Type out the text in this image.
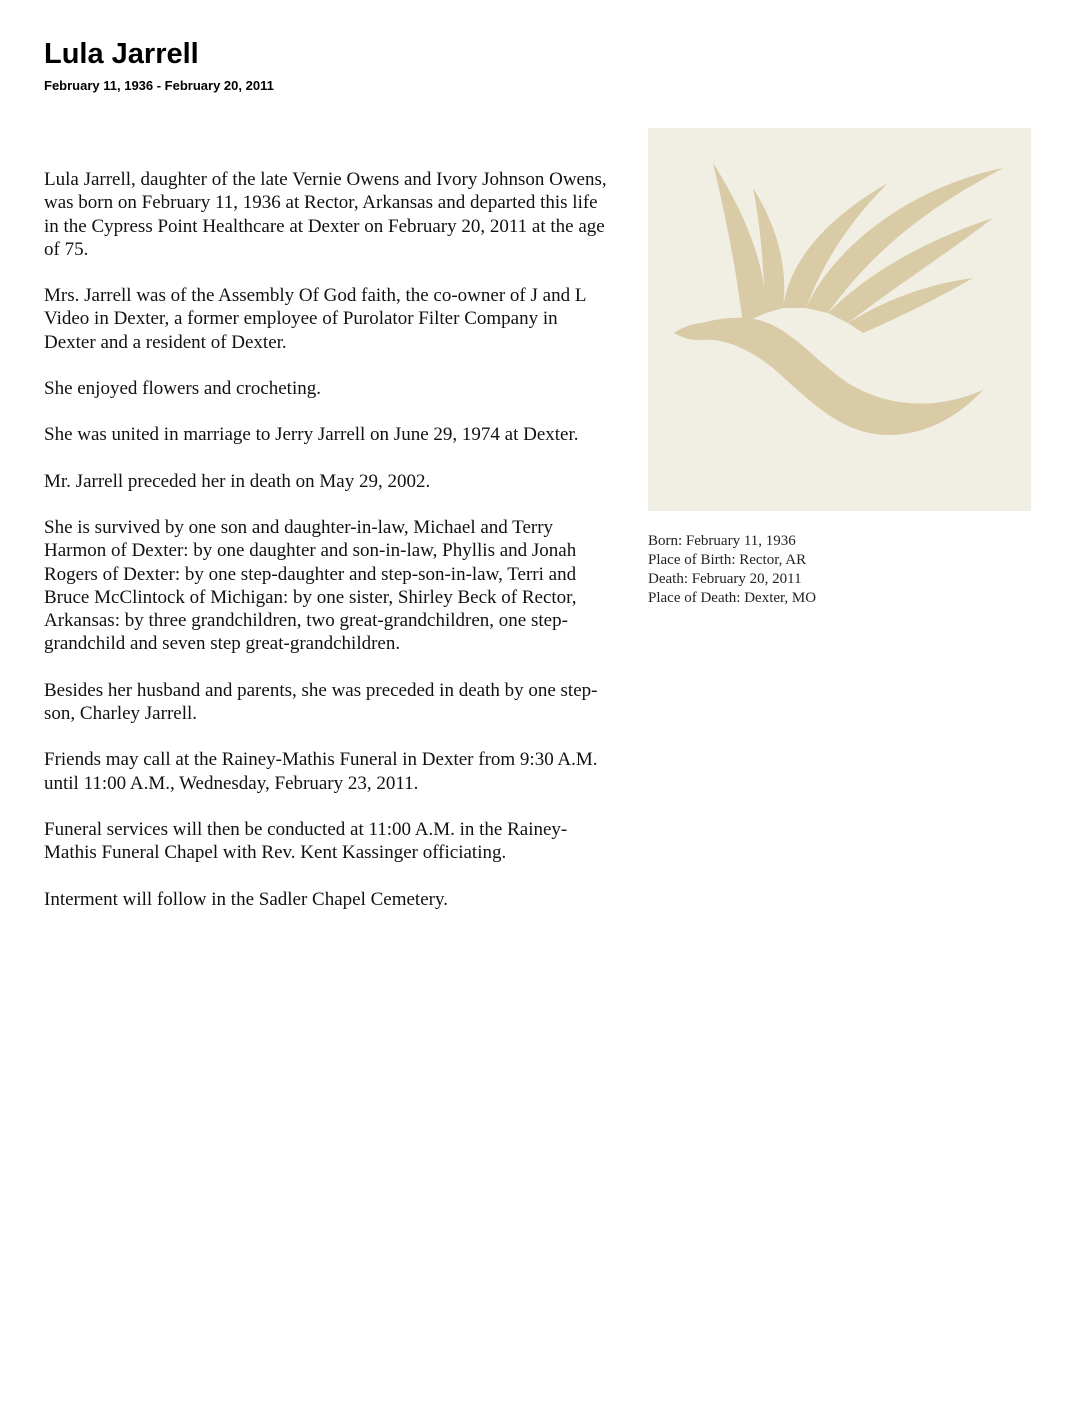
Lula Jarrell
February 11, 1936 - February 20, 2011

Lula Jarrell, daughter of the late Vernie Owens and Ivory Johnson Owens, was born on February 11, 1936 at Rector, Arkansas and departed this life in the Cypress Point Healthcare at Dexter on February 20, 2011 at the age of 75.

Mrs. Jarrell was of the Assembly Of God faith, the co-owner of J and L Video in Dexter, a former employee of Purolator Filter Company in Dexter and a resident of Dexter.

She enjoyed flowers and crocheting.

She was united in marriage to Jerry Jarrell on June 29, 1974 at Dexter.

Mr. Jarrell preceded her in death on May 29, 2002.

She is survived by one son and daughter-in-law, Michael and Terry Harmon of Dexter: by one daughter and son-in-law, Phyllis and Jonah Rogers of Dexter: by one step-daughter and step-son-in-law, Terri and Bruce McClintock of Michigan: by one sister, Shirley Beck of Rector, Arkansas: by three grandchildren, two great-grandchildren, one step-grandchild and seven step great-grandchildren.

Besides her husband and parents, she was preceded in death by one step-son, Charley Jarrell.

Friends may call at the Rainey-Mathis Funeral in Dexter from 9:30 A.M. until 11:00 A.M., Wednesday, February 23, 2011.

Funeral services will then be conducted at 11:00 A.M. in the Rainey-Mathis Funeral Chapel with Rev. Kent Kassinger officiating.

Interment will follow in the Sadler Chapel Cemetery.

Born: February 11, 1936
Place of Birth: Rector, AR
Death: February 20, 2011
Place of Death: Dexter, MO
